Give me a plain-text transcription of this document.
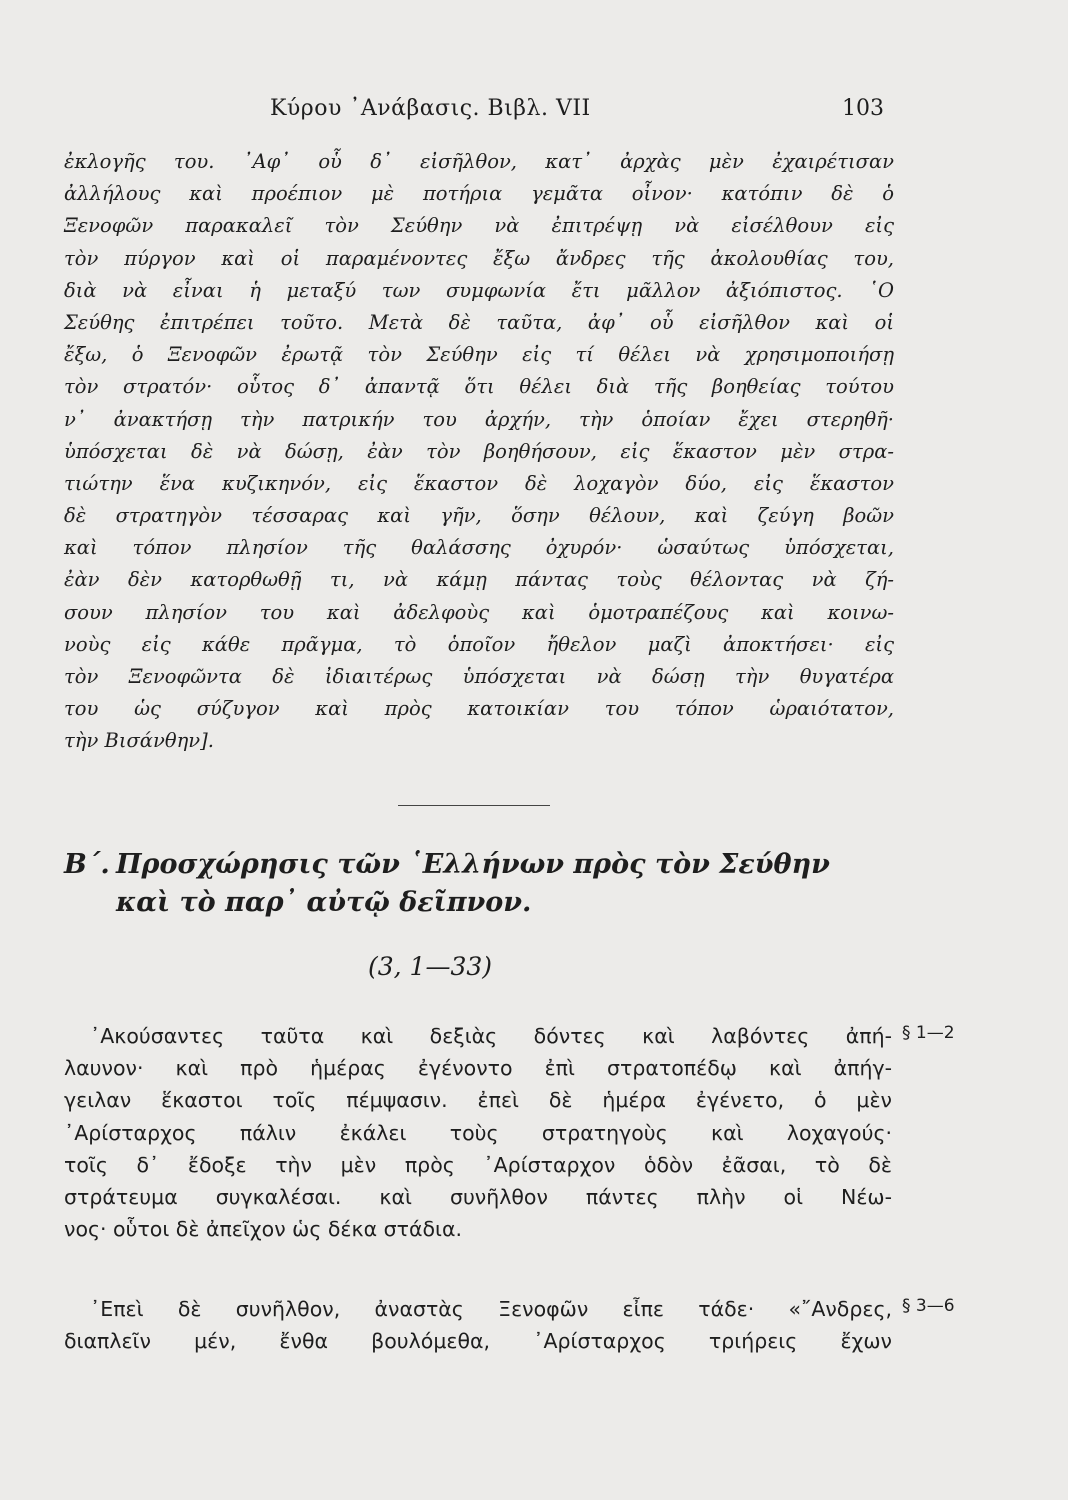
Κύρου ᾿Ανάβασις. Βιβλ. VII	103
ἐκλογῆς του. ᾿Αφ᾿ οὗ δ᾿ εἰσῆλθον, κατ᾿ ἀρχὰς μὲν ἐχαιρέτισαν
ἀλλήλους καὶ προέπιον μὲ ποτήρια γεμᾶτα οἶνον· κατόπιν δὲ ὁ
Ξενοφῶν παρακαλεῖ τὸν Σεύθην νὰ ἐπιτρέψῃ νὰ εἰσέλθουν εἰς
τὸν πύργον καὶ οἱ παραμένοντες ἔξω ἄνδρες τῆς ἀκολουθίας του,
διὰ νὰ εἶναι ἡ μεταξύ των συμφωνία ἔτι μᾶλλον ἀξιόπιστος. ῾Ο
Σεύθης ἐπιτρέπει τοῦτο. Μετὰ δὲ ταῦτα, ἀφ᾿ οὗ εἰσῆλθον καὶ οἱ
ἔξω, ὁ Ξενοφῶν ἐρωτᾷ τὸν Σεύθην εἰς τί θέλει νὰ χρησιμοποιήσῃ
τὸν στρατόν· οὗτος δ᾿ ἀπαντᾷ ὅτι θέλει διὰ τῆς βοηθείας τούτου
ν᾿ ἀνακτήσῃ τὴν πατρικήν του ἀρχήν, τὴν ὁποίαν ἔχει στερηθῆ·
ὑπόσχεται δὲ νὰ δώσῃ, ἐὰν τὸν βοηθήσουν, εἰς ἕκαστον μὲν στρα-
τιώτην ἕνα κυζικηνόν, εἰς ἕκαστον δὲ λοχαγὸν δύο, εἰς ἕκαστον
δὲ στρατηγὸν τέσσαρας καὶ γῆν, ὅσην θέλουν, καὶ ζεύγη βοῶν
καὶ τόπον πλησίον τῆς θαλάσσης ὀχυρόν· ὡσαύτως ὑπόσχεται,
ἐὰν δὲν κατορθωθῇ τι, νὰ κάμῃ πάντας τοὺς θέλοντας νὰ ζή-
σουν πλησίον του καὶ ἀδελφοὺς καὶ ὁμοτραπέζους καὶ κοινω-
νοὺς εἰς κάθε πρᾶγμα, τὸ ὁποῖον ἤθελον μαζὶ ἀποκτήσει· εἰς
τὸν Ξενοφῶντα δὲ ἰδιαιτέρως ὑπόσχεται νὰ δώσῃ τὴν θυγατέρα
του ὡς σύζυγον καὶ πρὸς κατοικίαν του τόπον ὡραιότατον,
τὴν Βισάνθην].
Β΄. Προσχώρησις τῶν ῾Ελλήνων πρὸς τὸν Σεύθην
καὶ τὸ παρ᾿ αὐτῷ δεῖπνον.
(3, 1—33)
᾿Ακούσαντες ταῦτα καὶ δεξιὰς δόντες καὶ λαβόντες ἀπή-
λαυνον· καὶ πρὸ ἡμέρας ἐγένοντο ἐπὶ στρατοπέδῳ καὶ ἀπήγ-
γειλαν ἕκαστοι τοῖς πέμψασιν. ἐπεὶ δὲ ἡμέρα ἐγένετο, ὁ μὲν
᾿Αρίσταρχος πάλιν ἐκάλει τοὺς στρατηγοὺς καὶ λοχαγούς·
τοῖς δ᾿ ἔδοξε τὴν μὲν πρὸς ᾿Αρίσταρχον ὁδὸν ἐᾶσαι, τὸ δὲ
στράτευμα συγκαλέσαι. καὶ συνῆλθον πάντες πλὴν οἱ Νέω-
νος· οὗτοι δὲ ἀπεῖχον ὡς δέκα στάδια.
᾿Επεὶ δὲ συνῆλθον, ἀναστὰς Ξενοφῶν εἶπε τάδε· «῎Ανδρες,
διαπλεῖν μέν, ἔνθα βουλόμεθα, ᾿Αρίσταρχος τριήρεις ἔχων
§ 1—2
§ 3—6
